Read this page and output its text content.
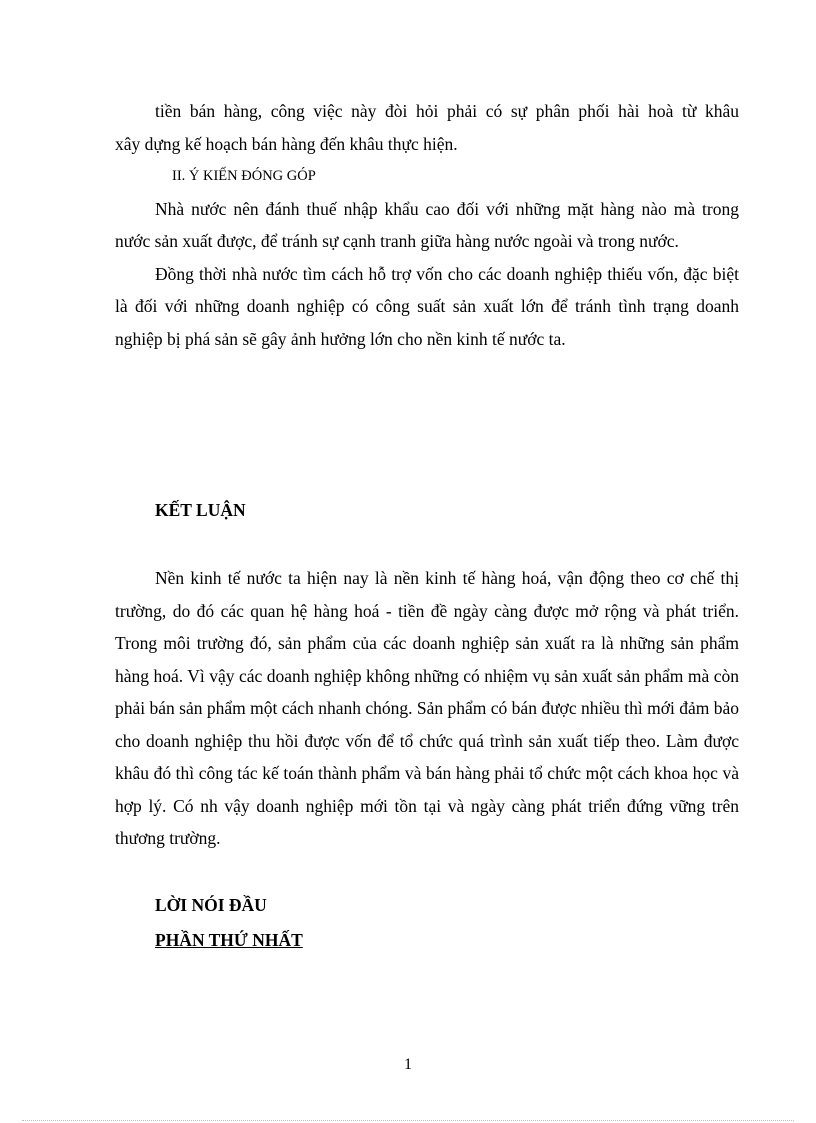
tiền bán hàng, công việc này đòi hỏi phải có sự phân phối hài hoà từ khâu

xây dựng kế hoạch bán hàng đến khâu thực hiện.

II. Ý KIẾN ĐÓNG GÓP

Nhà nước nên đánh thuế nhập khẩu cao đối với những mặt hàng nào mà trong nước sản xuất được, để tránh sự cạnh tranh giữa hàng nước ngoài và trong nước.

Đồng thời nhà nước tìm cách hỗ trợ vốn cho các doanh nghiệp thiếu vốn, đặc biệt là đối với những doanh nghiệp có công suất sản xuất lớn để tránh tình trạng doanh nghiệp bị phá sản sẽ gây ảnh hưởng lớn cho nền kinh tế nước ta.

KẾT LUẬN

Nền kinh tế nước ta hiện nay là nền kinh tế hàng hoá, vận động theo cơ chế thị trường, do đó các quan hệ hàng hoá - tiền đề ngày càng được mở rộng và phát triển. Trong môi trường đó, sản phẩm của các doanh nghiệp sản xuất ra là những sản phẩm hàng hoá. Vì vậy các doanh nghiệp không những có nhiệm vụ sản xuất sản phẩm mà còn phải bán sản phẩm một cách nhanh chóng. Sản phẩm có bán được nhiều thì mới đảm bảo cho doanh nghiệp thu hồi được vốn để tổ chức quá trình sản xuất tiếp theo. Làm được khâu đó thì công tác kế toán thành phẩm và bán hàng phải tổ chức một cách khoa học và hợp lý. Có nh vậy doanh nghiệp mới tồn tại và ngày càng phát triển đứng vững trên thương trường.

LỜI NÓI ĐẦU

PHẦN THỨ NHẤT

1
